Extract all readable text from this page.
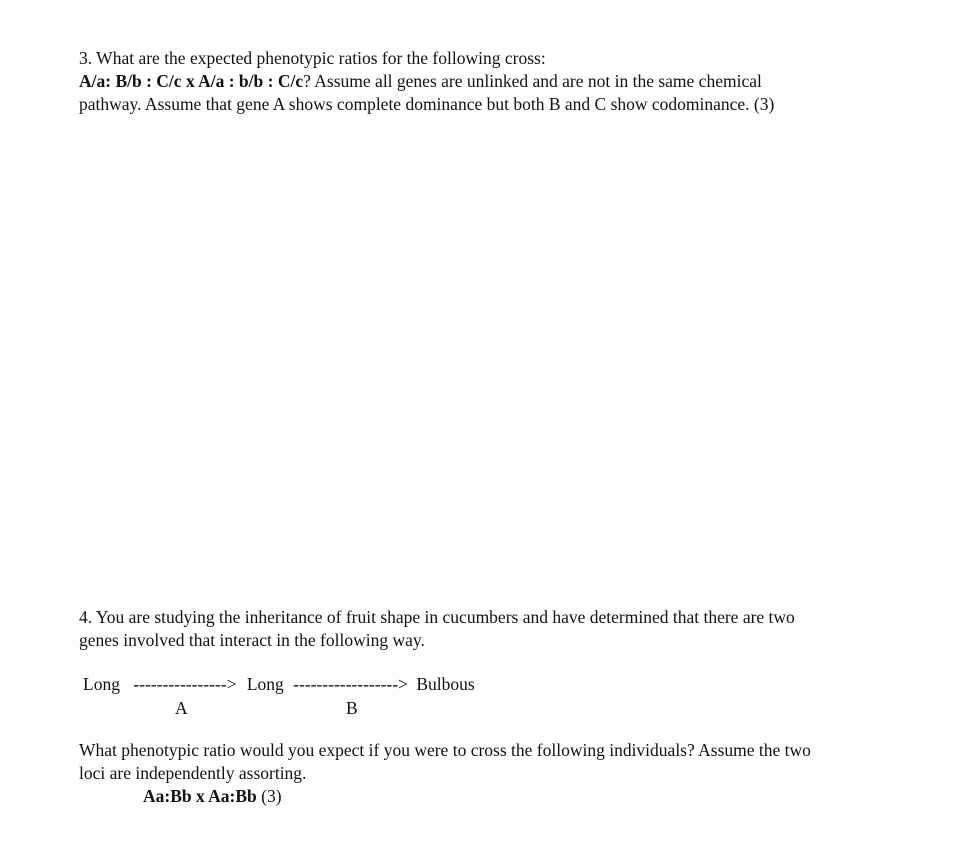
3. What are the expected phenotypic ratios for the following cross:
A/a: B/b : C/c x A/a : b/b : C/c? Assume all genes are unlinked and are not in the same chemical
pathway. Assume that gene A shows complete dominance but both B and C show codominance. (3)
4. You are studying the inheritance of fruit shape in cucumbers and have determined that there are two
genes involved that interact in the following way.
Long ----------------> Long ------------------> Bulbous
A	B
What phenotypic ratio would you expect if you were to cross the following individuals? Assume the two
loci are independently assorting.
Aa:Bb x Aa:Bb (3)
